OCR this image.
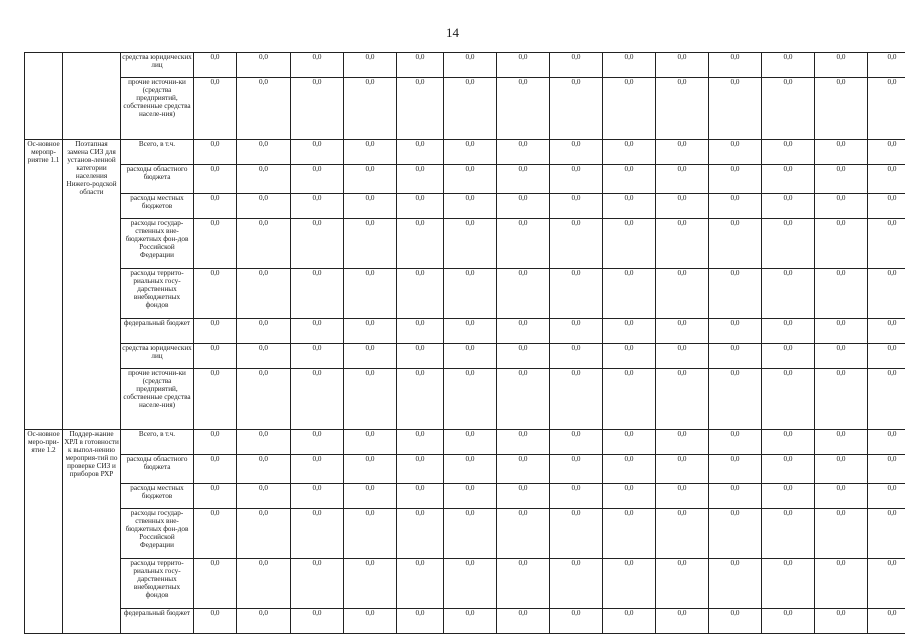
14
		средства юридических лиц	0,0	0,0	0,0	0,0	0,0	0,0	0,0	0,0	0,0	0,0	0,0	0,0	0,0	0,0	
		прочие источни-ки (средства предприятий, собственные средства населе-ния)	0,0	0,0	0,0	0,0	0,0	0,0	0,0	0,0	0,0	0,0	0,0	0,0	0,0	0,0	
Ос-новное меропр-риятие 1.1	Поэтапная замена СИЗ для установ-ленной категории населения Нижего-родской области	Всего, в т.ч.	0,0	0,0	0,0	0,0	0,0	0,0	0,0	0,0	0,0	0,0	0,0	0,0	0,0	0,0	
		расходы областного бюджета	0,0	0,0	0,0	0,0	0,0	0,0	0,0	0,0	0,0	0,0	0,0	0,0	0,0	0,0	
		расходы местных бюджетов	0,0	0,0	0,0	0,0	0,0	0,0	0,0	0,0	0,0	0,0	0,0	0,0	0,0	0,0	
		расходы государ-ственных вне-бюджетных фон-дов Российской Федерации	0,0	0,0	0,0	0,0	0,0	0,0	0,0	0,0	0,0	0,0	0,0	0,0	0,0	0,0	
		расходы террито-риальных госу-дарственных внебюджетных фондов	0,0	0,0	0,0	0,0	0,0	0,0	0,0	0,0	0,0	0,0	0,0	0,0	0,0	0,0	
		федеральный бюджет	0,0	0,0	0,0	0,0	0,0	0,0	0,0	0,0	0,0	0,0	0,0	0,0	0,0	0,0	
		средства юридических лиц	0,0	0,0	0,0	0,0	0,0	0,0	0,0	0,0	0,0	0,0	0,0	0,0	0,0	0,0	
		прочие источни-ки (средства предприятий, собственные средства населе-ния)	0,0	0,0	0,0	0,0	0,0	0,0	0,0	0,0	0,0	0,0	0,0	0,0	0,0	0,0	
Ос-новное меро-при-ятие 1.2	Поддер-жание ХРЛ в готовности к выпол-нению мероприя-тий по проверке СИЗ и приборов РХР	Всего, в т.ч.	0,0	0,0	0,0	0,0	0,0	0,0	0,0	0,0	0,0	0,0	0,0	0,0	0,0	0,0	
		расходы областного бюджета	0,0	0,0	0,0	0,0	0,0	0,0	0,0	0,0	0,0	0,0	0,0	0,0	0,0	0,0	
		расходы местных бюджетов	0,0	0,0	0,0	0,0	0,0	0,0	0,0	0,0	0,0	0,0	0,0	0,0	0,0	0,0	
		расходы государ-ственных вне-бюджетных фон-дов Российской Федерации	0,0	0,0	0,0	0,0	0,0	0,0	0,0	0,0	0,0	0,0	0,0	0,0	0,0	0,0	
		расходы террито-риальных госу-дарственных внебюджетных фондов	0,0	0,0	0,0	0,0	0,0	0,0	0,0	0,0	0,0	0,0	0,0	0,0	0,0	0,0	
		федеральный бюджет	0,0	0,0	0,0	0,0	0,0	0,0	0,0	0,0	0,0	0,0	0,0	0,0	0,0	0,0	
